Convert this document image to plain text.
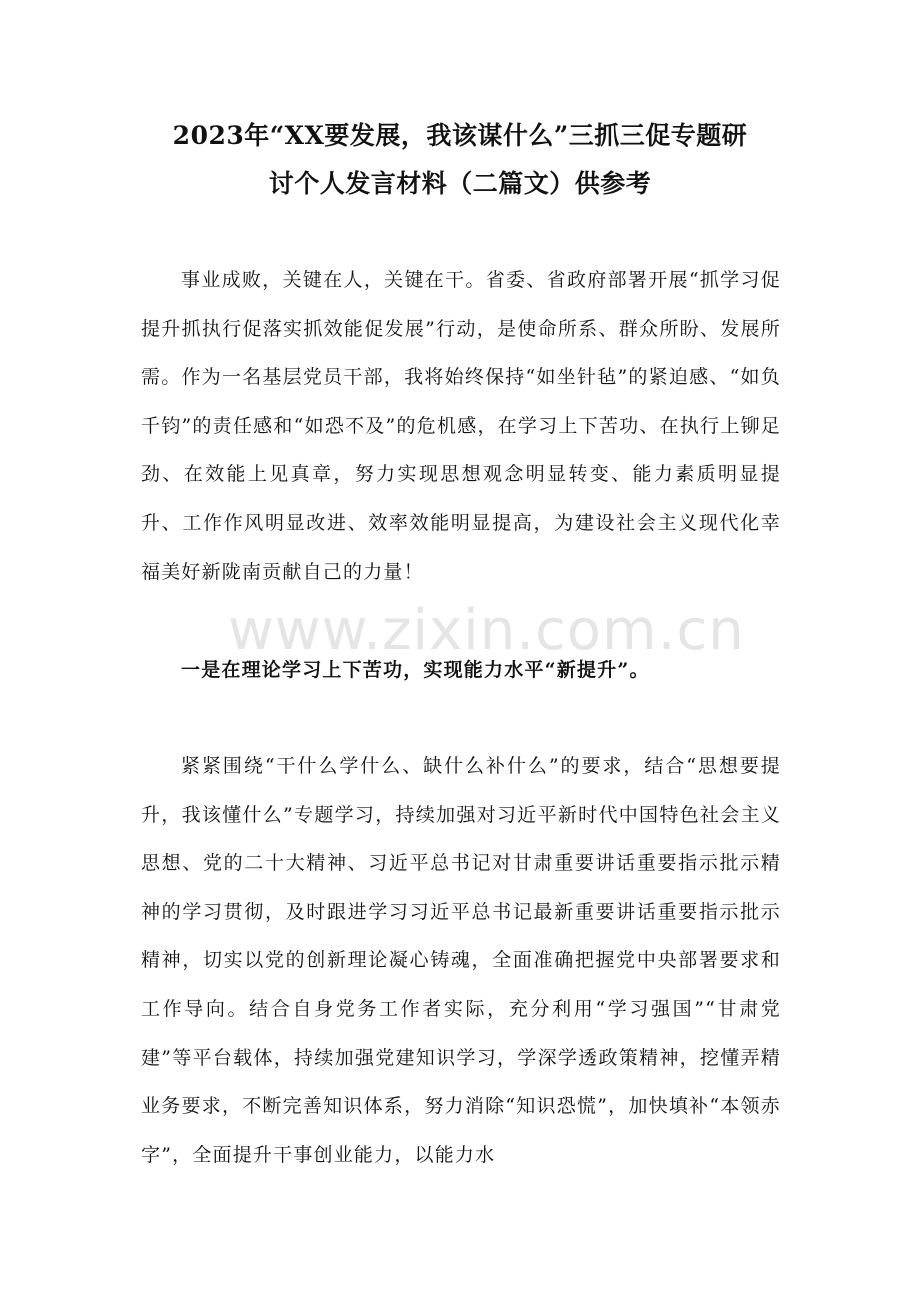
2023年“XX要发展，我该谋什么”三抓三促专题研
讨个人发言材料（二篇文）供参考

事业成败，关键在人，关键在干。省委、省政府部署开展“抓学习促提升抓执行促落实抓效能促发展”行动，是使命所系、群众所盼、发展所需。作为一名基层党员干部，我将始终保持“如坐针毡”的紧迫感、“如负千钧”的责任感和“如恐不及”的危机感，在学习上下苦功、在执行上铆足劲、在效能上见真章，努力实现思想观念明显转变、能力素质明显提升、工作作风明显改进、效率效能明显提高，为建设社会主义现代化幸福美好新陇南贡献自己的力量！

www.zixin.com.cn

一是在理论学习上下苦功，实现能力水平“新提升”。

紧紧围绕“干什么学什么、缺什么补什么”的要求，结合“思想要提升，我该懂什么”专题学习，持续加强对习近平新时代中国特色社会主义思想、党的二十大精神、习近平总书记对甘肃重要讲话重要指示批示精神的学习贯彻，及时跟进学习习近平总书记最新重要讲话重要指示批示精神，切实以党的创新理论凝心铸魂，全面准确把握党中央部署要求和工作导向。结合自身党务工作者实际，充分利用“学习强国”“甘肃党建”等平台载体，持续加强党建知识学习，学深学透政策精神，挖懂弄精业务要求，不断完善知识体系，努力消除“知识恐慌”，加快填补“本领赤字”，全面提升干事创业能力，以能力水
